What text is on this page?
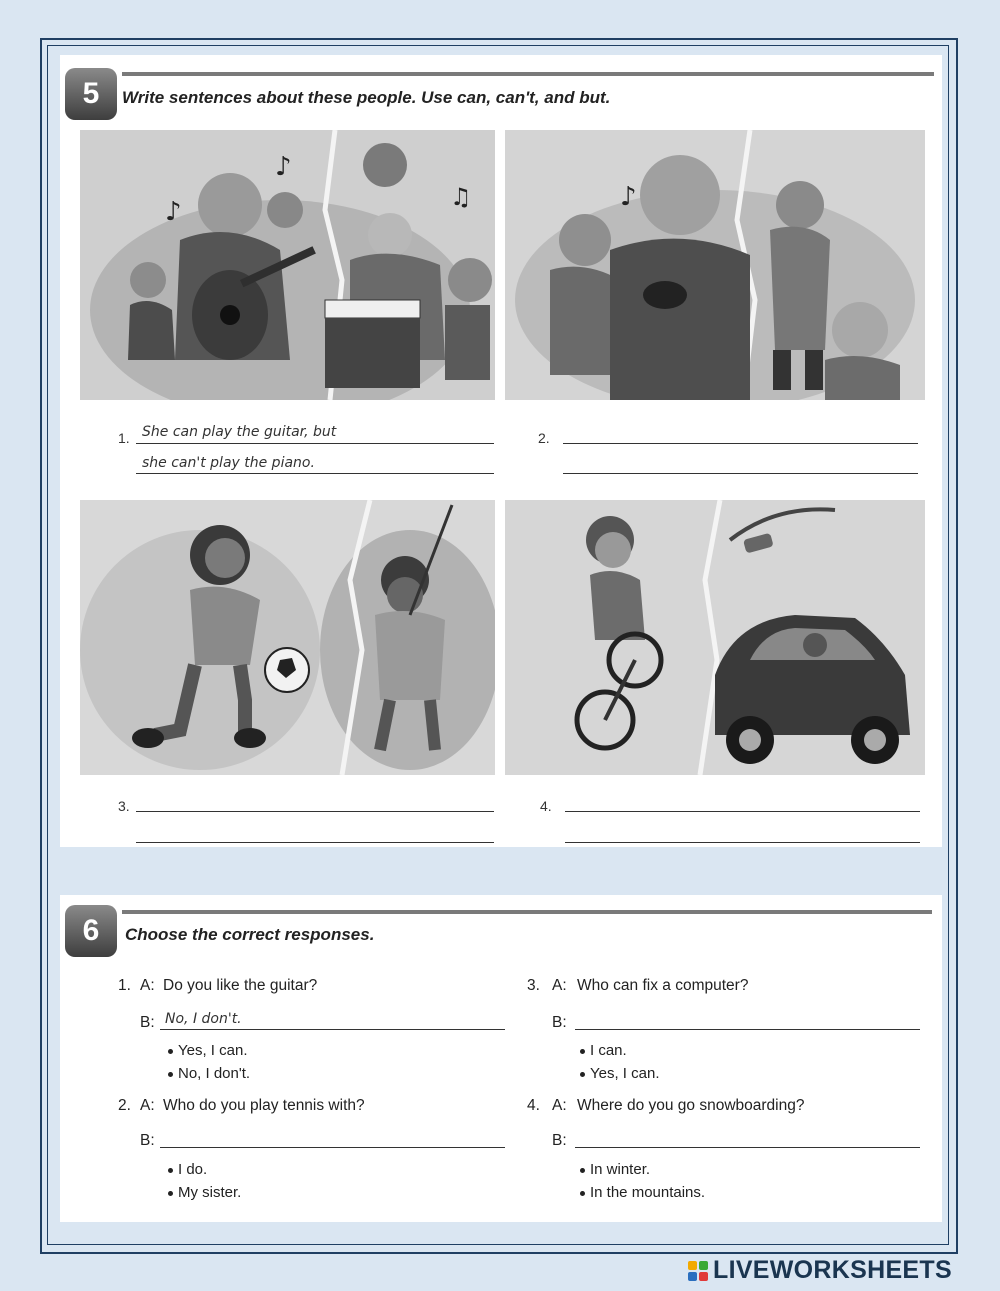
5	Write sentences about these people. Use can, can't, and but.
♪
♪
♫	♪
1. She can play the guitar, but
she can't play the piano.
2.
3.	4.
6	Choose the correct responses.
1. A: Do you like the guitar?
B: No, I don't.
Yes, I can.
No, I don't.
2. A: Who do you play tennis with?
B:
I do.
My sister.
3. A: Who can fix a computer?
B:
I can.
Yes, I can.
4. A: Where do you go snowboarding?
B:
In winter.
In the mountains.
LIVEWORKSHEETS
